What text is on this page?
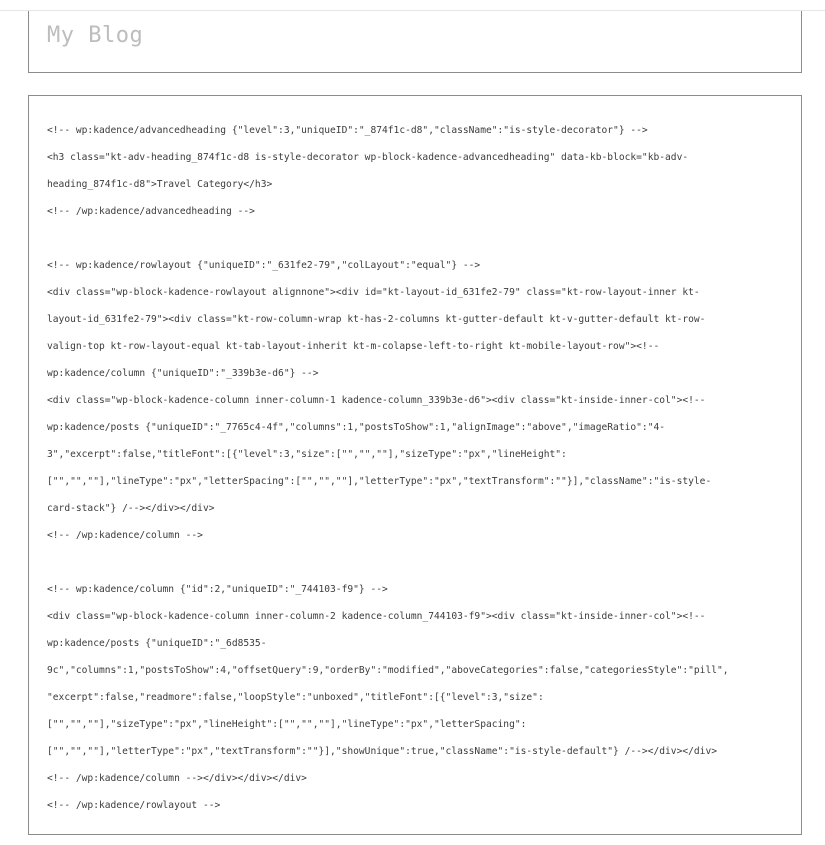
My Blog
<!-- wp:kadence/advancedheading {"level":3,"uniqueID":"_874f1c-d8","className":"is-style-decorator"} -->
<h3 class="kt-adv-heading_874f1c-d8 is-style-decorator wp-block-kadence-advancedheading" data-kb-block="kb-adv-
heading_874f1c-d8">Travel Category</h3>
<!-- /wp:kadence/advancedheading -->
<!-- wp:kadence/rowlayout {"uniqueID":"_631fe2-79","colLayout":"equal"} -->
<div class="wp-block-kadence-rowlayout alignnone"><div id="kt-layout-id_631fe2-79" class="kt-row-layout-inner kt-
layout-id_631fe2-79"><div class="kt-row-column-wrap kt-has-2-columns kt-gutter-default kt-v-gutter-default kt-row-
valign-top kt-row-layout-equal kt-tab-layout-inherit kt-m-colapse-left-to-right kt-mobile-layout-row"><!--
wp:kadence/column {"uniqueID":"_339b3e-d6"} -->
<div class="wp-block-kadence-column inner-column-1 kadence-column_339b3e-d6"><div class="kt-inside-inner-col"><!--
wp:kadence/posts {"uniqueID":"_7765c4-4f","columns":1,"postsToShow":1,"alignImage":"above","imageRatio":"4-
3","excerpt":false,"titleFont":[{"level":3,"size":["","",""],"sizeType":"px","lineHeight":
["","",""],"lineType":"px","letterSpacing":["","",""],"letterType":"px","textTransform":""}],"className":"is-style-
card-stack"} /--></div></div>
<!-- /wp:kadence/column -->
<!-- wp:kadence/column {"id":2,"uniqueID":"_744103-f9"} -->
<div class="wp-block-kadence-column inner-column-2 kadence-column_744103-f9"><div class="kt-inside-inner-col"><!--
wp:kadence/posts {"uniqueID":"_6d8535-
9c","columns":1,"postsToShow":4,"offsetQuery":9,"orderBy":"modified","aboveCategories":false,"categoriesStyle":"pill",
"excerpt":false,"readmore":false,"loopStyle":"unboxed","titleFont":[{"level":3,"size":
["","",""],"sizeType":"px","lineHeight":["","",""],"lineType":"px","letterSpacing":
["","",""],"letterType":"px","textTransform":""}],"showUnique":true,"className":"is-style-default"} /--></div></div>
<!-- /wp:kadence/column --></div></div></div>
<!-- /wp:kadence/rowlayout -->
